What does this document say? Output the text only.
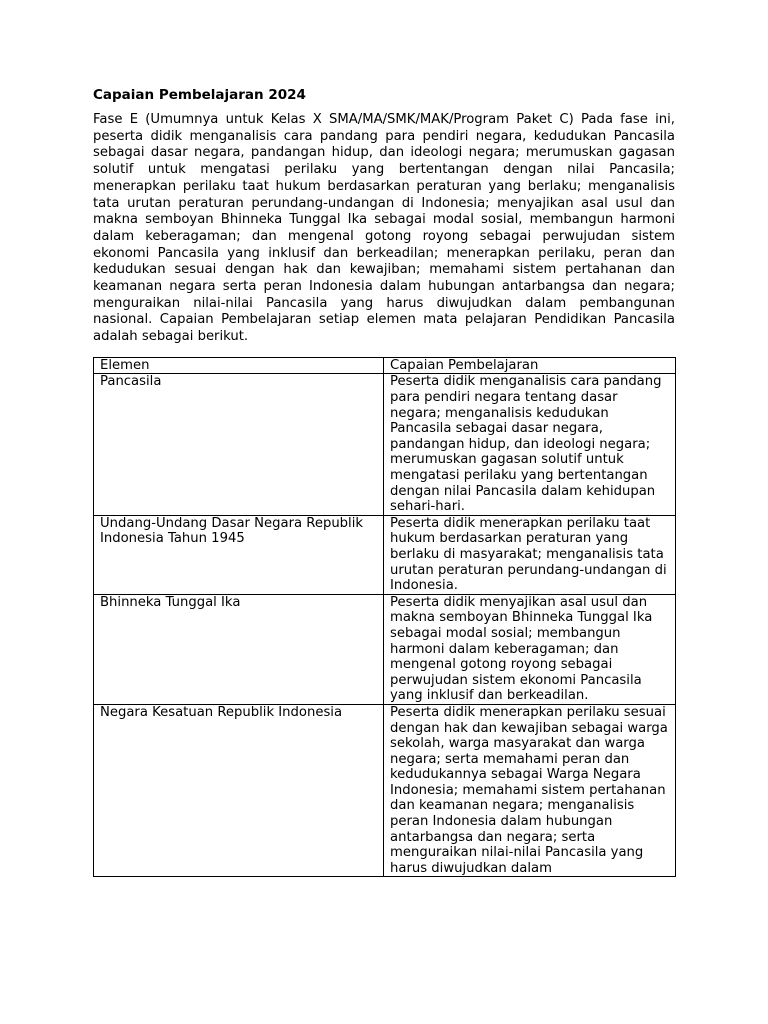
Capaian Pembelajaran 2024

Fase E (Umumnya untuk Kelas X SMA/MA/SMK/MAK/Program Paket C) Pada fase ini, peserta didik menganalisis cara pandang para pendiri negara, kedudukan Pancasila sebagai dasar negara, pandangan hidup, dan ideologi negara; merumuskan gagasan solutif untuk mengatasi perilaku yang bertentangan dengan nilai Pancasila; menerapkan perilaku taat hukum berdasarkan peraturan yang berlaku; menganalisis tata urutan peraturan perundang-undangan di Indonesia; menyajikan asal usul dan makna semboyan Bhinneka Tunggal Ika sebagai modal sosial, membangun harmoni dalam keberagaman; dan mengenal gotong royong sebagai perwujudan sistem ekonomi Pancasila yang inklusif dan berkeadilan; menerapkan perilaku, peran dan kedudukan sesuai dengan hak dan kewajiban; memahami sistem pertahanan dan keamanan negara serta peran Indonesia dalam hubungan antarbangsa dan negara; menguraikan nilai-nilai Pancasila yang harus diwujudkan dalam pembangunan nasional. Capaian Pembelajaran setiap elemen mata pelajaran Pendidikan Pancasila adalah sebagai berikut.

Elemen	Capaian Pembelajaran
Pancasila	Peserta didik menganalisis cara pandang para pendiri negara tentang dasar negara; menganalisis kedudukan Pancasila sebagai dasar negara, pandangan hidup, dan ideologi negara; merumuskan gagasan solutif untuk mengatasi perilaku yang bertentangan dengan nilai Pancasila dalam kehidupan sehari-hari.
Undang-Undang Dasar Negara Republik Indonesia Tahun 1945	Peserta didik menerapkan perilaku taat hukum berdasarkan peraturan yang berlaku di masyarakat; menganalisis tata urutan peraturan perundang-undangan di Indonesia.
Bhinneka Tunggal Ika	Peserta didik menyajikan asal usul dan makna semboyan Bhinneka Tunggal Ika sebagai modal sosial; membangun harmoni dalam keberagaman; dan mengenal gotong royong sebagai perwujudan sistem ekonomi Pancasila yang inklusif dan berkeadilan.
Negara Kesatuan Republik Indonesia	Peserta didik menerapkan perilaku sesuai dengan hak dan kewajiban sebagai warga sekolah, warga masyarakat dan warga negara; serta memahami peran dan kedudukannya sebagai Warga Negara Indonesia; memahami sistem pertahanan dan keamanan negara; menganalisis peran Indonesia dalam hubungan antarbangsa dan negara; serta menguraikan nilai-nilai Pancasila yang harus diwujudkan dalam
